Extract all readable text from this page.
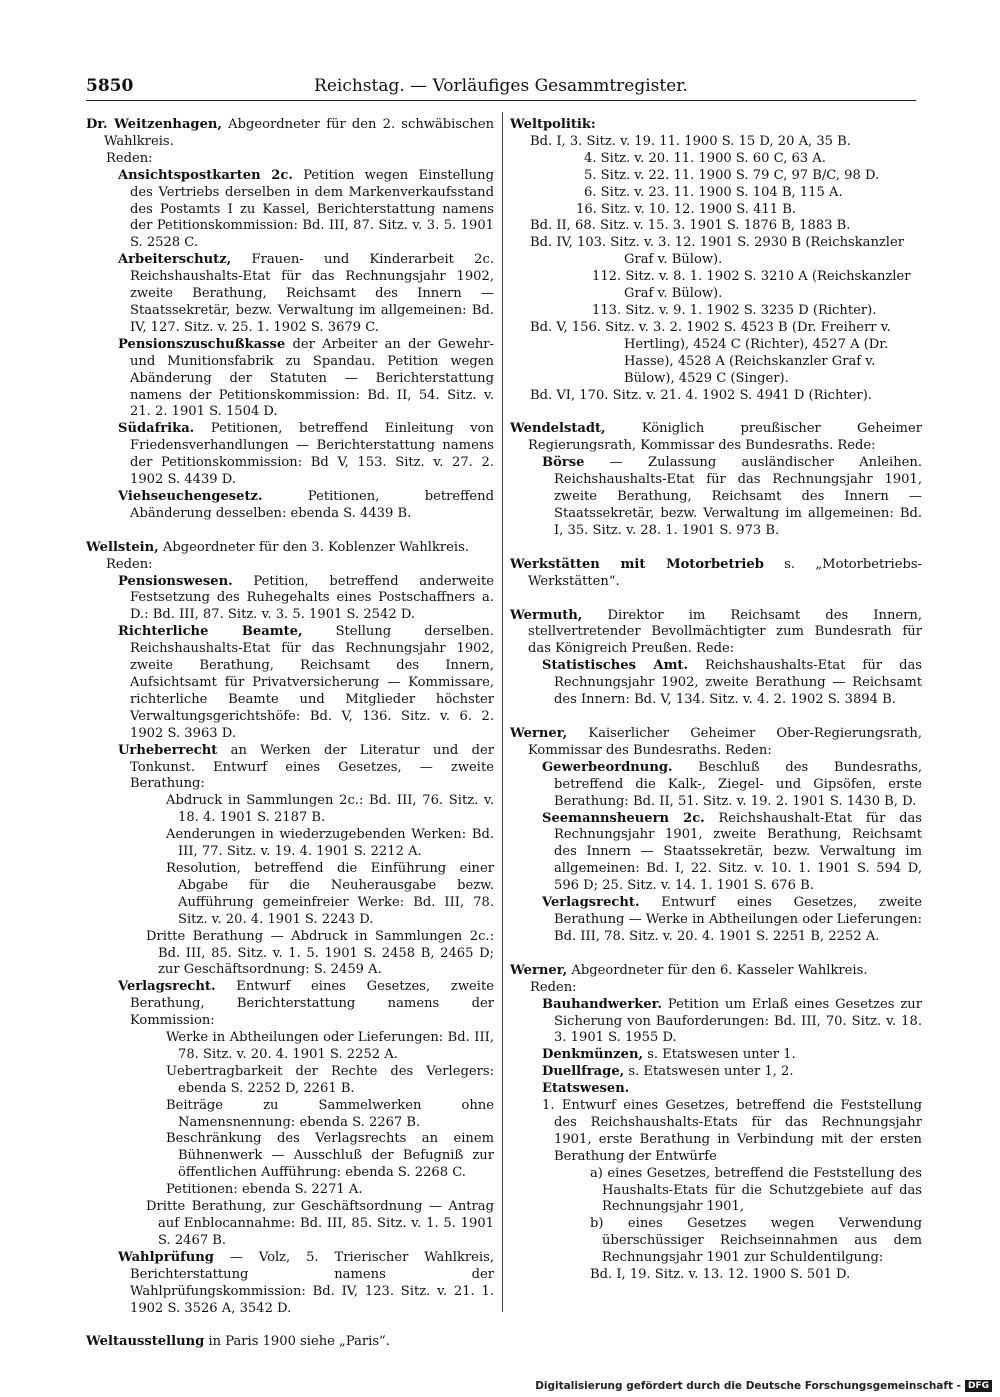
5850	Reichstag. — Vorläufiges Gesammtregister.
Dr. Weitzenhagen, Abgeordneter für den 2. schwäbischen Wahlkreis.
Reden:
Ansichtspostkarten 2c. Petition wegen Einstellung des Vertriebs derselben in dem Markenverkaufsstand des Postamts I zu Kassel, Berichterstattung namens der Petitionskommission: Bd. III, 87. Sitz. v. 3. 5. 1901 S. 2528 C.
Arbeiterschutz, Frauen- und Kinderarbeit 2c. Reichshaushalts-Etat für das Rechnungsjahr 1902, zweite Berathung, Reichsamt des Innern — Staatssekretär, bezw. Verwaltung im allgemeinen: Bd. IV, 127. Sitz. v. 25. 1. 1902 S. 3679 C.
Pensionszuschußkasse der Arbeiter an der Gewehr- und Munitionsfabrik zu Spandau. Petition wegen Abänderung der Statuten — Berichterstattung namens der Petitionskommission: Bd. II, 54. Sitz. v. 21. 2. 1901 S. 1504 D.
Südafrika. Petitionen, betreffend Einleitung von Friedensverhandlungen — Berichterstattung namens der Petitionskommission: Bd V, 153. Sitz. v. 27. 2. 1902 S. 4439 D.
Viehseuchengesetz.	Petitionen, betreffend Abänderung desselben: ebenda S. 4439 B.
Wellstein, Abgeordneter für den 3. Koblenzer Wahlkreis.
Reden:
Pensionswesen. Petition, betreffend anderweite Festsetzung des Ruhegehalts eines Postschaffners a. D.: Bd. III, 87. Sitz. v. 3. 5. 1901 S. 2542 D.
Richterliche Beamte,	Stellung derselben. Reichshaushalts-Etat für das Rechnungsjahr 1902, zweite Berathung, Reichsamt des Innern, Aufsichtsamt für Privatversicherung — Kommissare, richterliche Beamte und Mitglieder höchster Verwaltungsgerichtshöfe: Bd. V, 136. Sitz. v. 6. 2. 1902 S. 3963 D.
Urheberrecht an Werken der Literatur und der Tonkunst. Entwurf eines Gesetzes, — zweite Berathung:
Abdruck in Sammlungen 2c.: Bd. III, 76. Sitz. v. 18. 4. 1901 S. 2187 B.
Aenderungen in wiederzugebenden Werken: Bd. III, 77. Sitz. v. 19. 4. 1901 S. 2212 A.
Resolution, betreffend die Einführung einer Abgabe für die Neuherausgabe bezw. Aufführung gemeinfreier Werke: Bd. III, 78. Sitz. v. 20. 4. 1901 S. 2243 D.
Dritte Berathung — Abdruck in Sammlungen 2c.: Bd. III, 85. Sitz. v. 1. 5. 1901 S. 2458 B, 2465 D; zur Geschäftsordnung: S. 2459 A.
Verlagsrecht. Entwurf eines Gesetzes, zweite Berathung, Berichterstattung namens der Kommission:
Werke in Abtheilungen oder Lieferungen: Bd. III, 78. Sitz. v. 20. 4. 1901 S. 2252 A.
Uebertragbarkeit der Rechte des Verlegers: ebenda S. 2252 D, 2261 B.
Beiträge zu Sammelwerken ohne Namensnennung: ebenda S. 2267 B.
Beschränkung des Verlagsrechts an einem Bühnenwerk — Ausschluß der Befugniß zur öffentlichen Aufführung: ebenda S. 2268 C.
Petitionen: ebenda S. 2271 A.
Dritte Berathung, zur Geschäftsordnung — Antrag auf Enblocannahme: Bd. III, 85. Sitz. v. 1. 5. 1901 S. 2467 B.
Wahlprüfung — Volz, 5. Trierischer Wahlkreis, Berichterstattung namens der Wahlprüfungskommission: Bd. IV, 123. Sitz. v. 21. 1. 1902 S. 3526 A, 3542 D.
Weltausstellung in Paris 1900 siehe „Paris“.
Weltpolitik:
Bd. I, 3. Sitz. v. 19. 11. 1900 S. 15 D, 20 A, 35 B.
4. Sitz. v. 20. 11. 1900 S. 60 C, 63 A.
5. Sitz. v. 22. 11. 1900 S. 79 C, 97 B/C, 98 D.
6. Sitz. v. 23. 11. 1900 S. 104 B, 115 A.
16. Sitz. v. 10. 12. 1900 S. 411 B.
Bd. II, 68. Sitz. v. 15. 3. 1901 S. 1876 B, 1883 B.
Bd. IV, 103. Sitz. v. 3. 12. 1901 S. 2930 B (Reichskanzler Graf v. Bülow).
112. Sitz. v. 8. 1. 1902 S. 3210 A (Reichskanzler Graf v. Bülow).
113. Sitz. v. 9. 1. 1902 S. 3235 D (Richter).
Bd. V, 156. Sitz. v. 3. 2. 1902 S. 4523 B (Dr. Freiherr v. Hertling), 4524 C (Richter), 4527 A (Dr. Hasse), 4528 A (Reichskanzler Graf v. Bülow), 4529 C (Singer).
Bd. VI, 170. Sitz. v. 21. 4. 1902 S. 4941 D (Richter).
Wendelstadt,	Königlich preußischer Geheimer Regierungsrath, Kommissar des Bundesraths. Rede:
Börse — Zulassung ausländischer Anleihen. Reichshaushalts-Etat für das Rechnungsjahr 1901, zweite Berathung, Reichsamt des Innern — Staatssekretär, bezw. Verwaltung im allgemeinen: Bd. I, 35. Sitz. v. 28. 1. 1901 S. 973 B.
Werkstätten mit Motorbetrieb s. „Motorbetriebs-Werkstätten“.
Wermuth, Direktor im Reichsamt des Innern, stellvertretender Bevollmächtigter zum Bundesrath für das Königreich Preußen. Rede:
Statistisches Amt. Reichshaushalts-Etat für das Rechnungsjahr 1902, zweite Berathung — Reichsamt des Innern: Bd. V, 134. Sitz. v. 4. 2. 1902 S. 3894 B.
Werner, Kaiserlicher Geheimer Ober-Regierungsrath, Kommissar des Bundesraths. Reden:
Gewerbeordnung. Beschluß des Bundesraths, betreffend die Kalk-, Ziegel- und Gipsöfen, erste Berathung: Bd. II, 51. Sitz. v. 19. 2. 1901 S. 1430 B, D.
Seemannsheuern 2c. Reichshaushalt-Etat für das Rechnungsjahr 1901, zweite Berathung, Reichsamt des Innern — Staatssekretär, bezw. Verwaltung im allgemeinen: Bd. I, 22. Sitz. v. 10. 1. 1901 S. 594 D, 596 D; 25. Sitz. v. 14. 1. 1901 S. 676 B.
Verlagsrecht. Entwurf eines Gesetzes, zweite Berathung — Werke in Abtheilungen oder Lieferungen: Bd. III, 78. Sitz. v. 20. 4. 1901 S. 2251 B, 2252 A.
Werner, Abgeordneter für den 6. Kasseler Wahlkreis.
Reden:
Bauhandwerker. Petition um Erlaß eines Gesetzes zur Sicherung von Bauforderungen: Bd. III, 70. Sitz. v. 18. 3. 1901 S. 1955 D.
Denkmünzen, s. Etatswesen unter 1.
Duellfrage, s. Etatswesen unter 1, 2.
Etatswesen.
1. Entwurf eines Gesetzes, betreffend die Feststellung des Reichshaushalts-Etats für das Rechnungsjahr 1901, erste Berathung in Verbindung mit der ersten Berathung der Entwürfe
a) eines Gesetzes, betreffend die Feststellung des Haushalts-Etats für die Schutzgebiete auf das Rechnungsjahr 1901,
b) eines Gesetzes wegen Verwendung überschüssiger Reichseinnahmen aus dem Rechnungsjahr 1901 zur Schuldentilgung:
Bd. I, 19. Sitz. v. 13. 12. 1900 S. 501 D.
Digitalisierung gefördert durch die Deutsche Forschungsgemeinschaft - DFG
